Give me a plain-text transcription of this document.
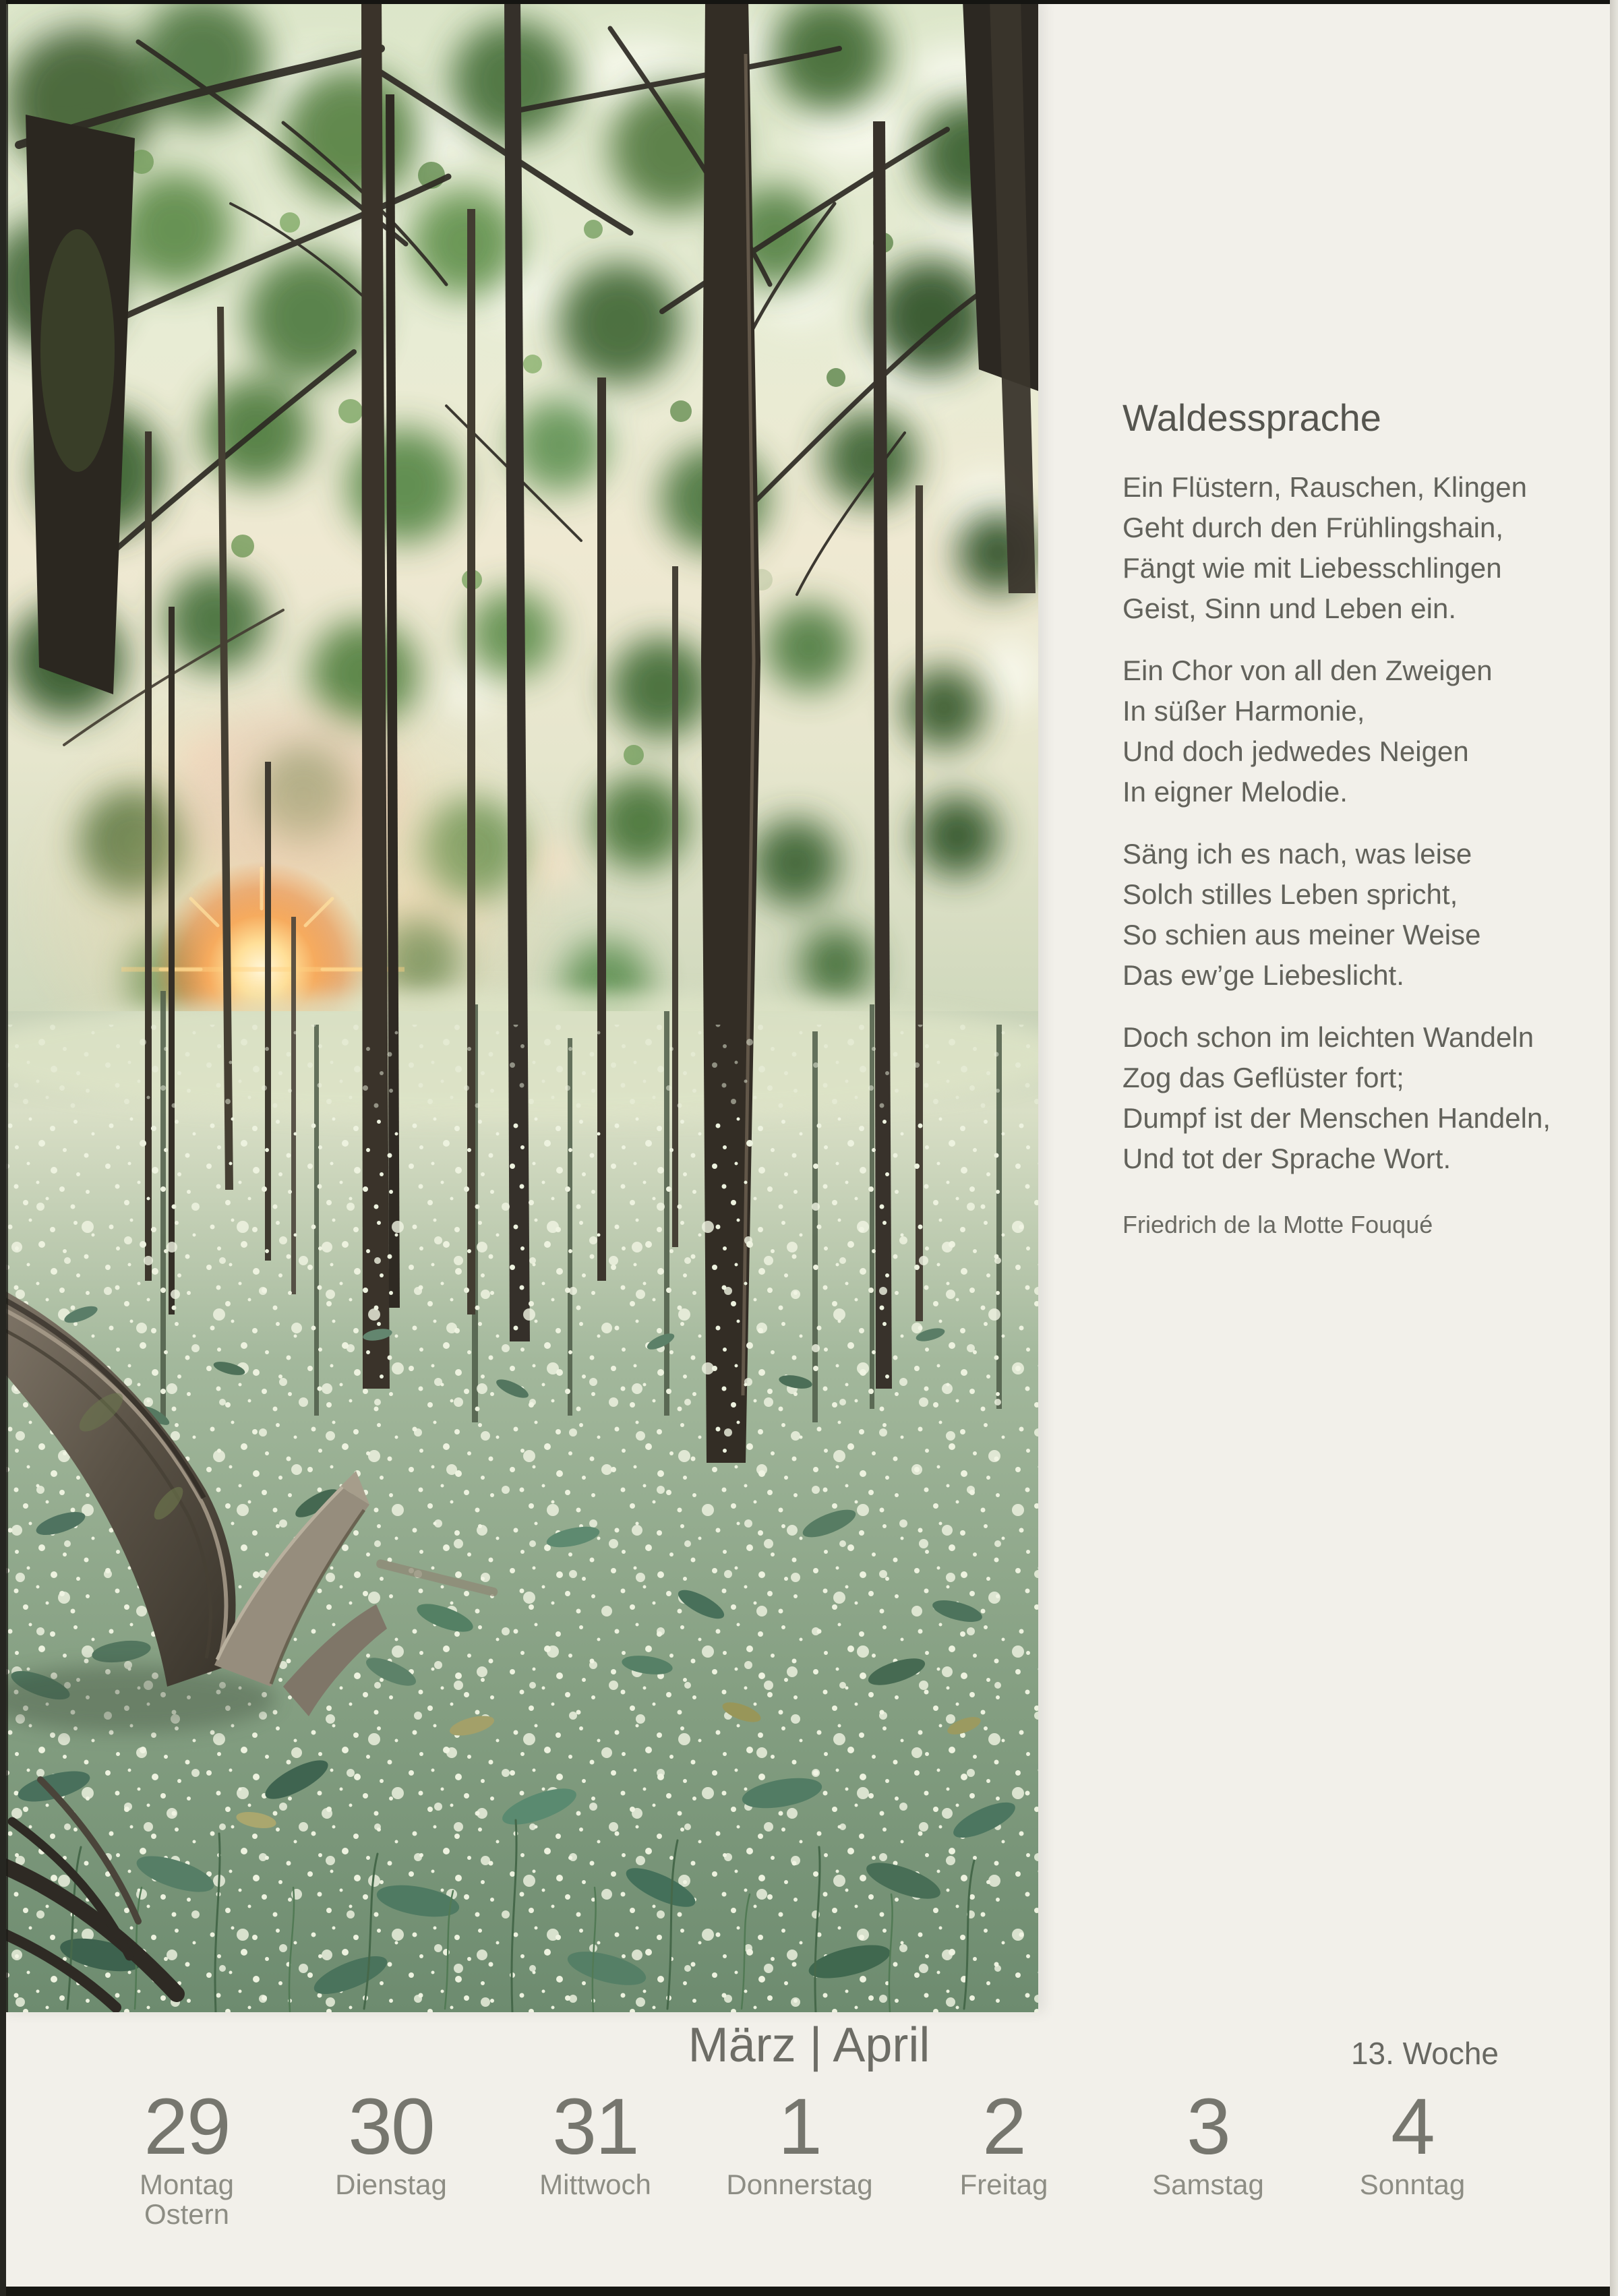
Waldessprache

Ein Flüstern, Rauschen, Klingen
Geht durch den Frühlingshain,
Fängt wie mit Liebesschlingen
Geist, Sinn und Leben ein.

Ein Chor von all den Zweigen
In süßer Harmonie,
Und doch jedwedes Neigen
In eigner Melodie.

Säng ich es nach, was leise
Solch stilles Leben spricht,
So schien aus meiner Weise
Das ew’ge Liebeslicht.

Doch schon im leichten Wandeln
Zog das Geflüster fort;
Dumpf ist der Menschen Handeln,
Und tot der Sprache Wort.

Friedrich de la Motte Fouqué
März | April	13. Woche
29
Montag
Ostern
30
Dienstag
31
Mittwoch
1
Donnerstag
2
Freitag
3
Samstag
4
Sonntag
